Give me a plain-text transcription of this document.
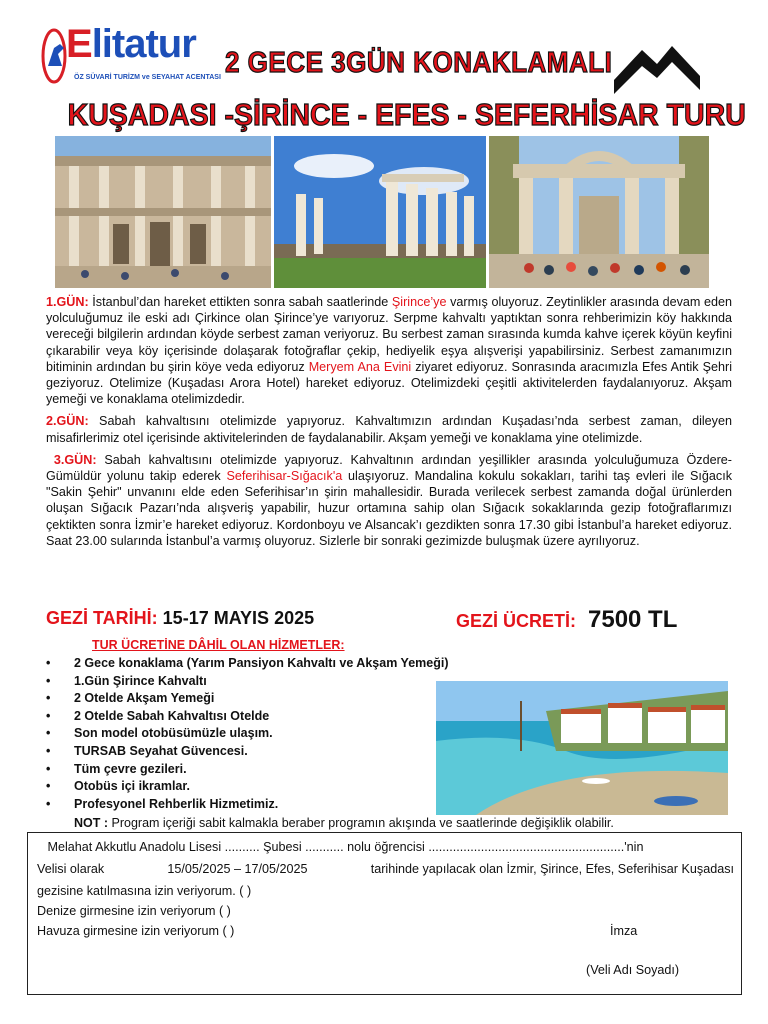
Elitatur
ÖZ SÜVARİ TURİZM ve SEYAHAT ACENTASI 2 GECE 3GÜN KONAKLAMALI
KUŞADASI -ŞİRİNCE - EFES - SEFERHİSAR TURU

1.GÜN: İstanbul’dan hareket ettikten sonra sabah saatlerinde Şirince’ye varmış oluyoruz. Zeytinlikler arasında devam eden yolculuğumuz ile eski adı Çirkince olan Şirince’ye varıyoruz. Serpme kahvaltı yaptıktan sonra rehberimizin köy hakkında vereceği bilgilerin ardından köyde serbest zaman veriyoruz. Bu serbest zaman sırasında kumda kahve içerek köyün keyfini çıkarabilir veya köy içerisinde dolaşarak fotoğraflar çekip, hediyelik eşya alışverişi yapabilirsiniz. Serbest zamanımızın bitiminin ardından bu şirin köye veda ediyoruz Meryem Ana Evini ziyaret ediyoruz. Sonrasında aracımızla Efes Antik Şehri geziyoruz. Otelimize (Kuşadası Arora Hotel) hareket ediyoruz. Otelimizdeki çeşitli aktivitelerden faydalanıyoruz. Akşam yemeği ve konaklama otelimizdedir.

2.GÜN: Sabah kahvaltısını otelimizde yapıyoruz. Kahvaltımızın ardından Kuşadası’nda serbest zaman, dileyen misafirlerimiz otel içerisinde aktivitelerinden de faydalanabilir. Akşam yemeği ve konaklama yine otelimizde.

3.GÜN: Sabah kahvaltısını otelimizde yapıyoruz. Kahvaltının ardından yeşillikler arasında yolculuğumuza Özdere-Gümüldür yolunu takip ederek Seferihisar-Sığacık'a ulaşıyoruz. Mandalina kokulu sokakları, tarihi taş evleri ile Sığacık "Sakin Şehir" unvanını elde eden Seferihisar’ın şirin mahallesidir. Burada verilecek serbest zamanda doğal ürünlerden oluşan Sığacık Pazarı’nda alışveriş yapabilir, huzur ortamına sahip olan Sığacık sokaklarında gezip fotoğraflarımızı çektikten sonra İzmir’e hareket ediyoruz. Kordonboyu ve Alsancak’ı gezdikten sonra 17.30 gibi İstanbul’a hareket ediyoruz. Saat 23.00 sularında İstanbul’a varmış oluyoruz. Sizlerle bir sonraki gezimizde buluşmak üzere ayrılıyoruz.

GEZİ TARİHİ: 15-17 MAYIS 2025	GEZİ ÜCRETİ: 7500 TL
TUR ÜCRETİNE DÂHİL OLAN HİZMETLER:
• 2 Gece konaklama (Yarım Pansiyon Kahvaltı ve Akşam Yemeği)
• 1.Gün Şirince Kahvaltı
• 2 Otelde Akşam Yemeği
• 2 Otelde Sabah Kahvaltısı Otelde
• Son model otobüsümüzle ulaşım.
• TURSAB Seyahat Güvencesi.
• Tüm çevre gezileri.
• Otobüs içi ikramlar.
• Profesyonel Rehberlik Hizmetimiz.
NOT : Program içeriği sabit kalmakla beraber programın akışında ve saatlerinde değişiklik olabilir.
Melahat Akkutlu Anadolu Lisesi .......... Şubesi ........... nolu öğrencisi ........................................................'nin
Velisi olarak	15/05/2025 – 17/05/2025	tarihinde yapılacak olan İzmir, Şirince, Efes, Seferihisar Kuşadası
gezisine katılmasına izin veriyorum. ( )
Denize girmesine izin veriyorum ( )
Havuza girmesine izin veriyorum ( )	İmza
(Veli Adı Soyadı)
